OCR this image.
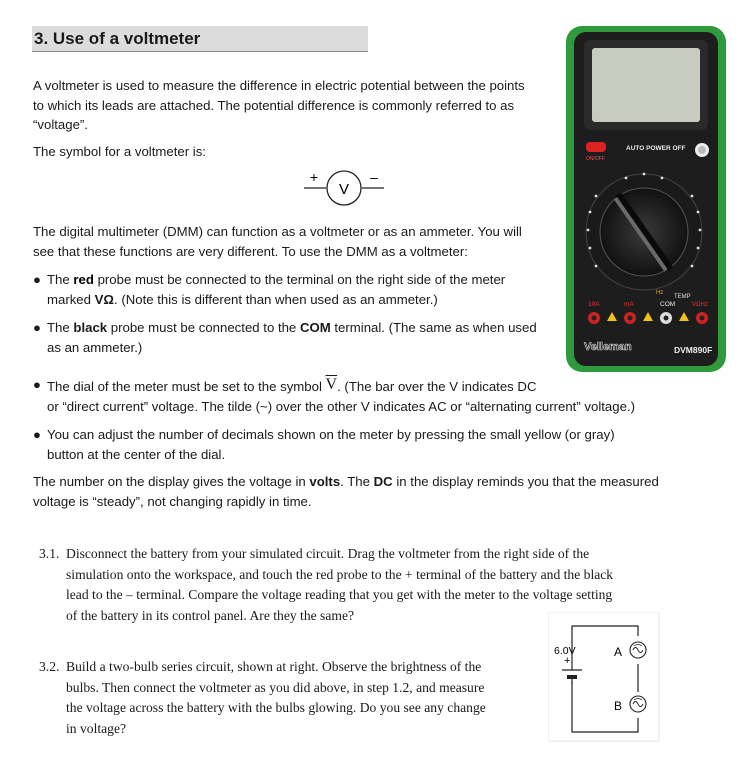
3. Use of a voltmeter
A voltmeter is used to measure the difference in electric potential between the points
to which its leads are attached. The potential difference is commonly referred to as
“voltage”.
The symbol for a voltmeter is:
V
+	–
The digital multimeter (DMM) can function as a voltmeter or as an ammeter. You will
see that these functions are very different. To use the DMM as a voltmeter:
● The red probe must be connected to the terminal on the right side of the meter
marked VΩ. (Note this is different than when used as an ammeter.)
● The black probe must be connected to the COM terminal. (The same as when used
as an ammeter.)
● The dial of the meter must be set to the symbol $\overline{V}$. (The bar over the V indicates DC
or “direct current” voltage. The tilde (~) over the other V indicates AC or “alternating current” voltage.)
● You can adjust the number of decimals shown on the meter by pressing the small yellow (or gray)
button at the center of the dial.
The number on the display gives the voltage in volts. The DC in the display reminds you that the measured
voltage is “steady”, not changing rapidly in time.
3.1. Disconnect the battery from your simulated circuit. Drag the voltmeter from the right side of the
simulation onto the workspace, and touch the red probe to the + terminal of the battery and the black
lead to the – terminal. Compare the voltage reading that you get with the meter to the voltage setting
of the battery in its control panel. Are they the same?
3.2. Build a two-bulb series circuit, shown at right. Observe the brightness of the
bulbs. Then connect the voltmeter as you did above, in step 1.2, and measure
the voltage across the battery with the bulbs glowing. Do you see any change
in voltage?
6.0V
+
A
B
AUTO POWER OFF
ON/OFF
TEMP
Hz
10A	mA	COM	VΩHz
Velleman	DVM890F
